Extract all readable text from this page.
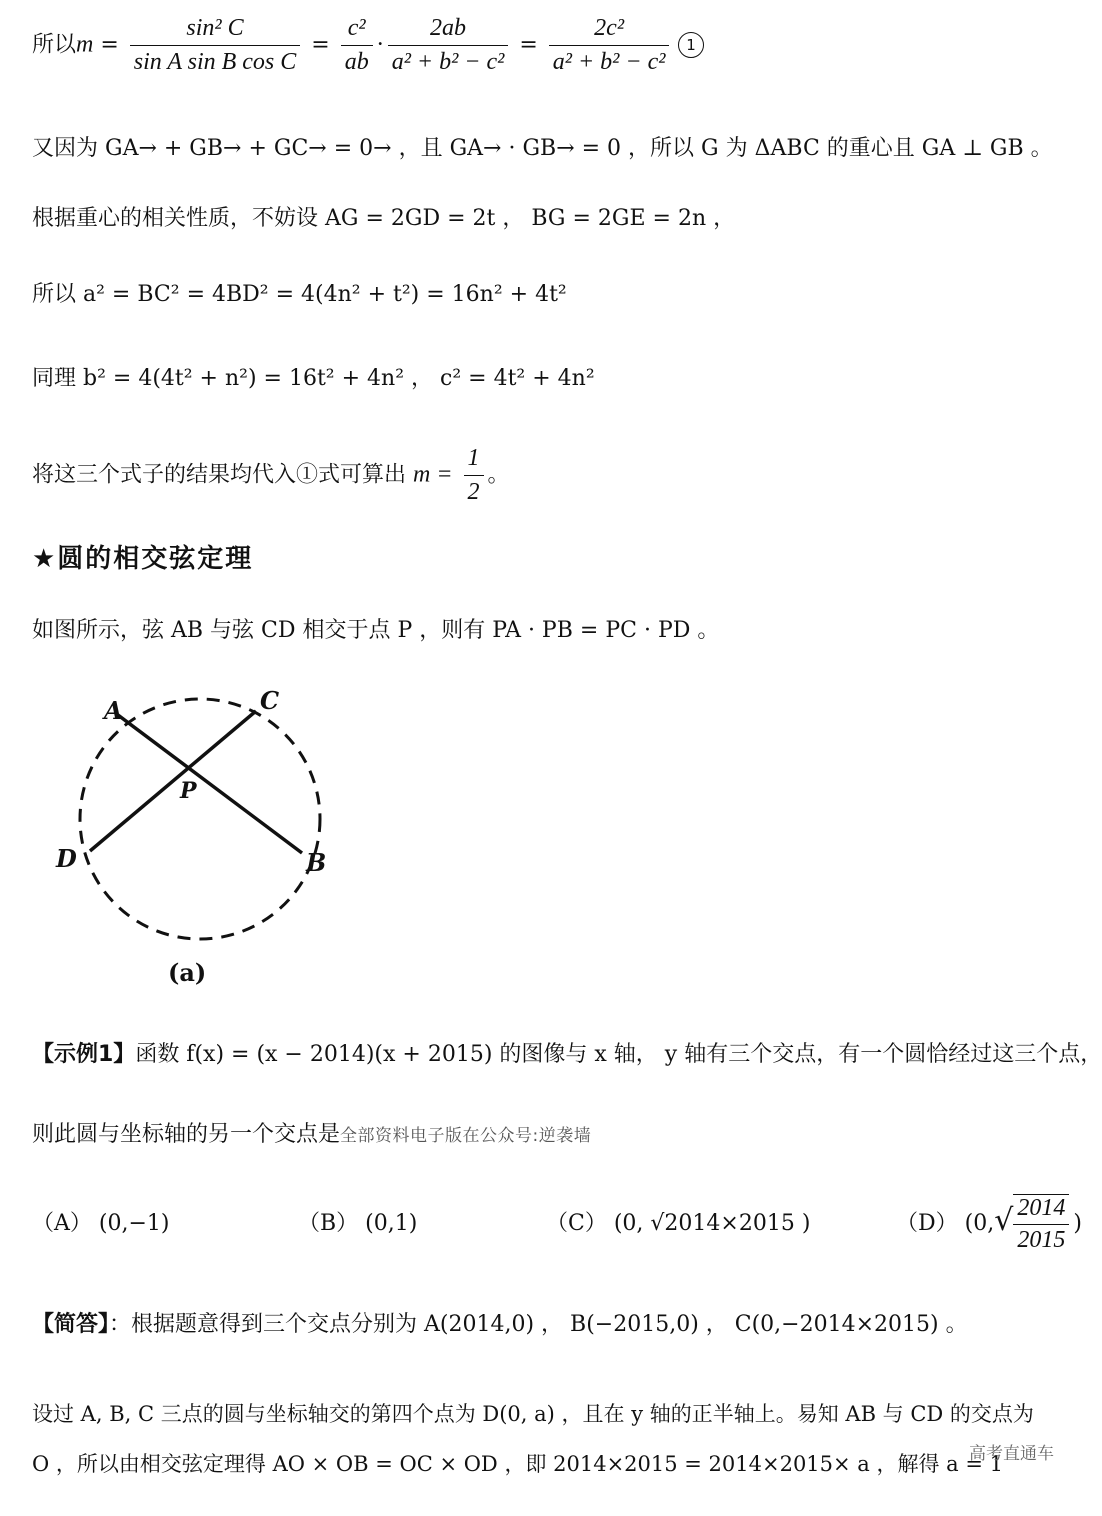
所以$m = \frac{\text{sin² C}}{\text{sin A sin B cos C}} = \frac{\text{c²}}{ab} \cdot \frac{2ab}{\text{a² + b² − c²}} = \frac{\text{2c²}}{\text{a² + b² − c²}}$	1
又因为 GA→ + GB→ + GC→ = 0→ ，且 GA→ · GB→ = 0 ，所以 G 为 ΔABC 的重心且 GA ⊥ GB 。
根据重心的相关性质，不妨设 AG = 2GD = 2t ， BG = 2GE = 2n ，
所以 a² = BC² = 4BD² = 4(4n² + t²) = 16n² + 4t²
同理 b² = 4(4t² + n²) = 16t² + 4n² ， c² = 4t² + 4n²
将这三个式子的结果均代入①式可算出 $m = \frac{1}{2}$ 。
★圆的相交弦定理
如图所示，弦 AB 与弦 CD 相交于点 P ，则有 PA · PB = PC · PD 。
A	C
P
D	B
(a)
【示例1】函数 f(x) = (x − 2014)(x + 2015) 的图像与 x 轴， y 轴有三个交点，有一个圆恰经过这三个点，
则此圆与坐标轴的另一个交点是全部资料电子版在公众号:逆袭墙
（A） (0,−1)	（B） (0,1)	（C） (0, √2014×2015 )	（D） ($0,√ \frac{2014}{2015}$ )
【简答】：根据题意得到三个交点分别为 A(2014,0) ， B(−2015,0) ， C(0,−2014×2015) 。
设过 A, B, C 三点的圆与坐标轴交的第四个点为 D(0, a) ，且在 y 轴的正半轴上。易知 AB 与 CD 的交点为
O ，所以由相交弦定理得 AO × OB = OC × OD ，即 2014×2015 = 2014×2015× a ，解得 a = 1
高考直通车
